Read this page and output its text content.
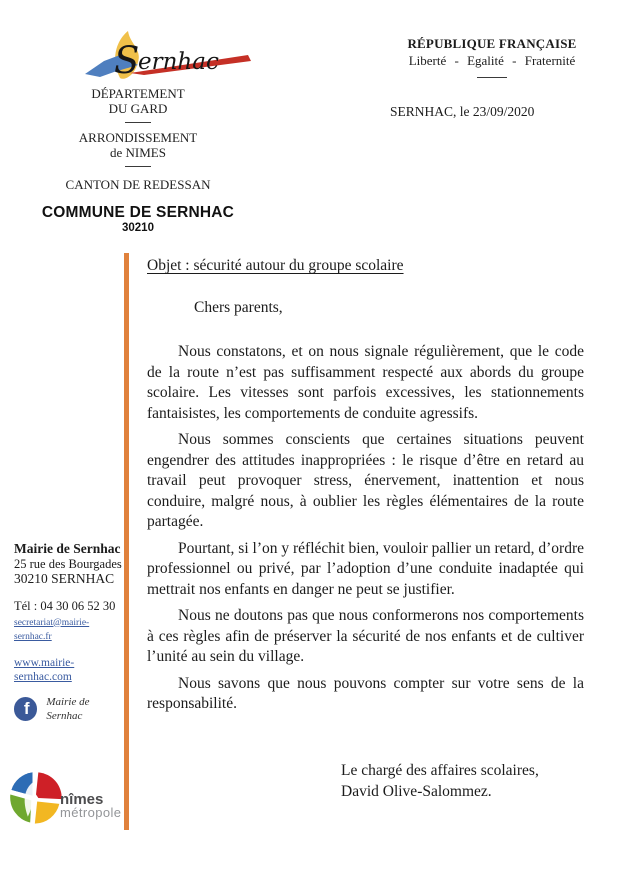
S
ernhac
DÉPARTEMENT
DU GARD
ARRONDISSEMENT
de NIMES
CANTON DE REDESSAN
COMMUNE DE SERNHAC
30210
RÉPUBLIQUE FRANÇAISE
Liberté - Egalité - Fraternité
SERNHAC, le 23/09/2020
Objet : sécurité autour du groupe scolaire
Chers parents,

Nous constatons, et on nous signale régulièrement, que le code de la route n’est pas suffisamment respecté aux abords du groupe scolaire. Les vitesses sont parfois excessives, les stationnements fantaisistes, les comportements de conduite agressifs.

Nous sommes conscients que certaines situations peuvent engendrer des attitudes inappropriées : le risque d’être en retard au travail peut provoquer stress, énervement, inattention et nous conduire, malgré nous, à oublier les règles élémentaires de la route partagée.

Pourtant, si l’on y réfléchit bien, vouloir pallier un retard, d’ordre professionnel ou privé, par l’adoption d’une conduite inadaptée qui mettrait nos enfants en danger ne peut se justifier.

Nous ne doutons pas que nous conformerons nos comportements à ces règles afin de préserver la sécurité de nos enfants et de cultiver l’unité au sein du village.

Nous savons que nous pouvons compter sur votre sens de la responsabilité.

Le chargé des affaires scolaires,
David Olive-Salommez.
Mairie de Sernhac
25 rue des Bourgades
30210 SERNHAC
Tél : 04 30 06 52 30
secretariat@mairie-sernhac.fr
www.mairie-sernhac.com
f	Mairie de Sernhac
nîmes
métropole
